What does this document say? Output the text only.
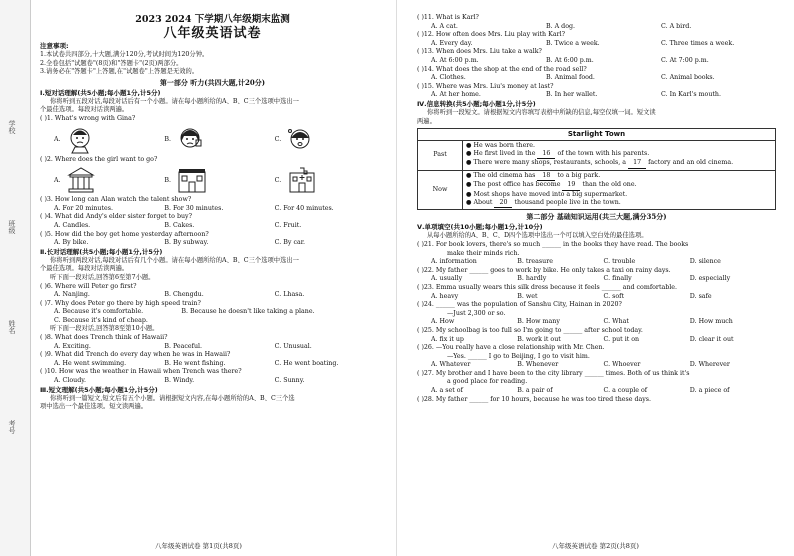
学校
班级
姓名
考号
2023 2024 下学期八年级期末监测
八年级英语试卷
注意事项:
1.本试卷共四部分,十大题,满分120分,考试时间为120分钟。
2.全卷包括"试题卷"(8页)和"答题卡"(2页)两部分。
3.请务必在"答题卡"上答题,在"试题卷"上答题是无效的。
第一部分 听力(共四大题,计20分)
Ⅰ.短对话理解(共5小题;每小题1分,计5分)
你将听到五段对话,每段对话后有一个小题。请在每小题所给的A、B、C三个选项中选出一
个最佳选项。每段对话读两遍。
( )1. What's wrong with Gina?
A.	B.	C.
( )2. Where does the girl want to go?
A.	B.	C.
( )3. How long can Alan watch the talent show?
A. For 20 minutes.	B. For 30 minutes.	C. For 40 minutes.
( )4. What did Andy's elder sister forget to buy?
A. Candles.	B. Cakes.	C. Fruit.
( )5. How did the boy get home yesterday afternoon?
A. By bike.	B. By subway.	C. By car.
Ⅱ.长对话理解(共5小题;每小题1分,计5分)
你将听到两段对话,每段对话后有几个小题。请在每小题所给的A、B、C三个选项中选出一
个最佳选项。每段对话读两遍。
听下面一段对话,回答第6至第7小题。
( )6. Where will Peter go first?
A. Nanjing.	B. Chengdu.	C. Lhasa.
( )7. Why does Peter go there by high speed train?
A. Because it's comfortable.	B. Because he doesn't like taking a plane.
C. Because it's kind of cheap.
听下面一段对话,回答第8至第10小题。
( )8. What does Trench think of Hawaii?
A. Exciting.	B. Peaceful.	C. Unusual.
( )9. What did Trench do every day when he was in Hawaii?
A. He went swimming.	B. He went fishing.	C. He went boating.
( )10. How was the weather in Hawaii when Trench was there?
A. Cloudy.	B. Windy.	C. Sunny.
Ⅲ.短文理解(共5小题;每小题1分,计5分)
你将听到一篇短文,短文后有五个小题。请根据短文内容,在每小题所给的A、B、C三个选
项中选出一个最佳选项。短文读两遍。
八年级英语试卷 第1页(共8页)
( )11. What is Karl?
A. A cat.	B. A dog.	C. A bird.
( )12. How often does Mrs. Liu play with Karl?
A. Every day.	B. Twice a week.	C. Three times a week.
( )13. When does Mrs. Liu take a walk?
A. At 6:00 p.m.	B. At 6:00 p.m.	C. At 7:00 p.m.
( )14. What does the shop at the end of the road sell?
A. Clothes.	B. Animal food.	C. Animal books.
( )15. Where was Mrs. Liu's money at last?
A. At her home.	B. In her wallet.	C. In Karl's mouth.
Ⅳ.信息转换(共5小题;每小题1分,计5分)
你将听到一段短文。请根据短文内容填写表格中所缺的信息,每空仅填一词。短文读
两遍。
Starlight Town	
Past	● He was born there.
● He first lived in the 16 of the town with his parents.
● There were many shops, restaurants, schools, a 17 factory and an old cinema.

Now	● The old cinema has 18 to a big park.
● The post office has become 19 than the old one.
● Most shops have moved into a big supermarket.
● About 20 thousand people live in the town.
第二部分 基础知识运用(共三大题,满分35分)
Ⅴ.单项填空(共10小题;每小题1分,计10分)
从每小题所给的A、B、C、D四个选项中选出一个可以填入空白处的最佳选项。
( )21. For book lovers, there's so much ______ in the books they have read. The books
make their minds rich.
A. information	B. treasure	C. trouble	D. silence
( )22. My father ______ goes to work by bike. He only takes a taxi on rainy days.
A. usually	B. hardly	C. finally	D. especially
( )23. Emma usually wears this silk dress because it feels ______ and comfortable.
A. heavy	B. wet	C. soft	D. safe
( )24. ______ was the population of Sanshu City, Hainan in 2020?
—Just 2,300 or so.
A. How	B. How many	C. What	D. How much
( )25. My schoolbag is too full so I'm going to ______ after school today.
A. fix it up	B. work it out	C. put it on	D. clear it out
( )26. —You really have a close relationship with Mr. Chen.
—Yes. ______ I go to Beijing, I go to visit him.
A. Whatever	B. Whenever	C. Whoever	D. Wherever
( )27. My brother and I have been to the city library ______ times. Both of us think it's
a good place for reading.
A. a set of	B. a pair of	C. a couple of	D. a piece of
( )28. My father ______ for 10 hours, because he was too tired these days.
八年级英语试卷 第2页(共8页)
